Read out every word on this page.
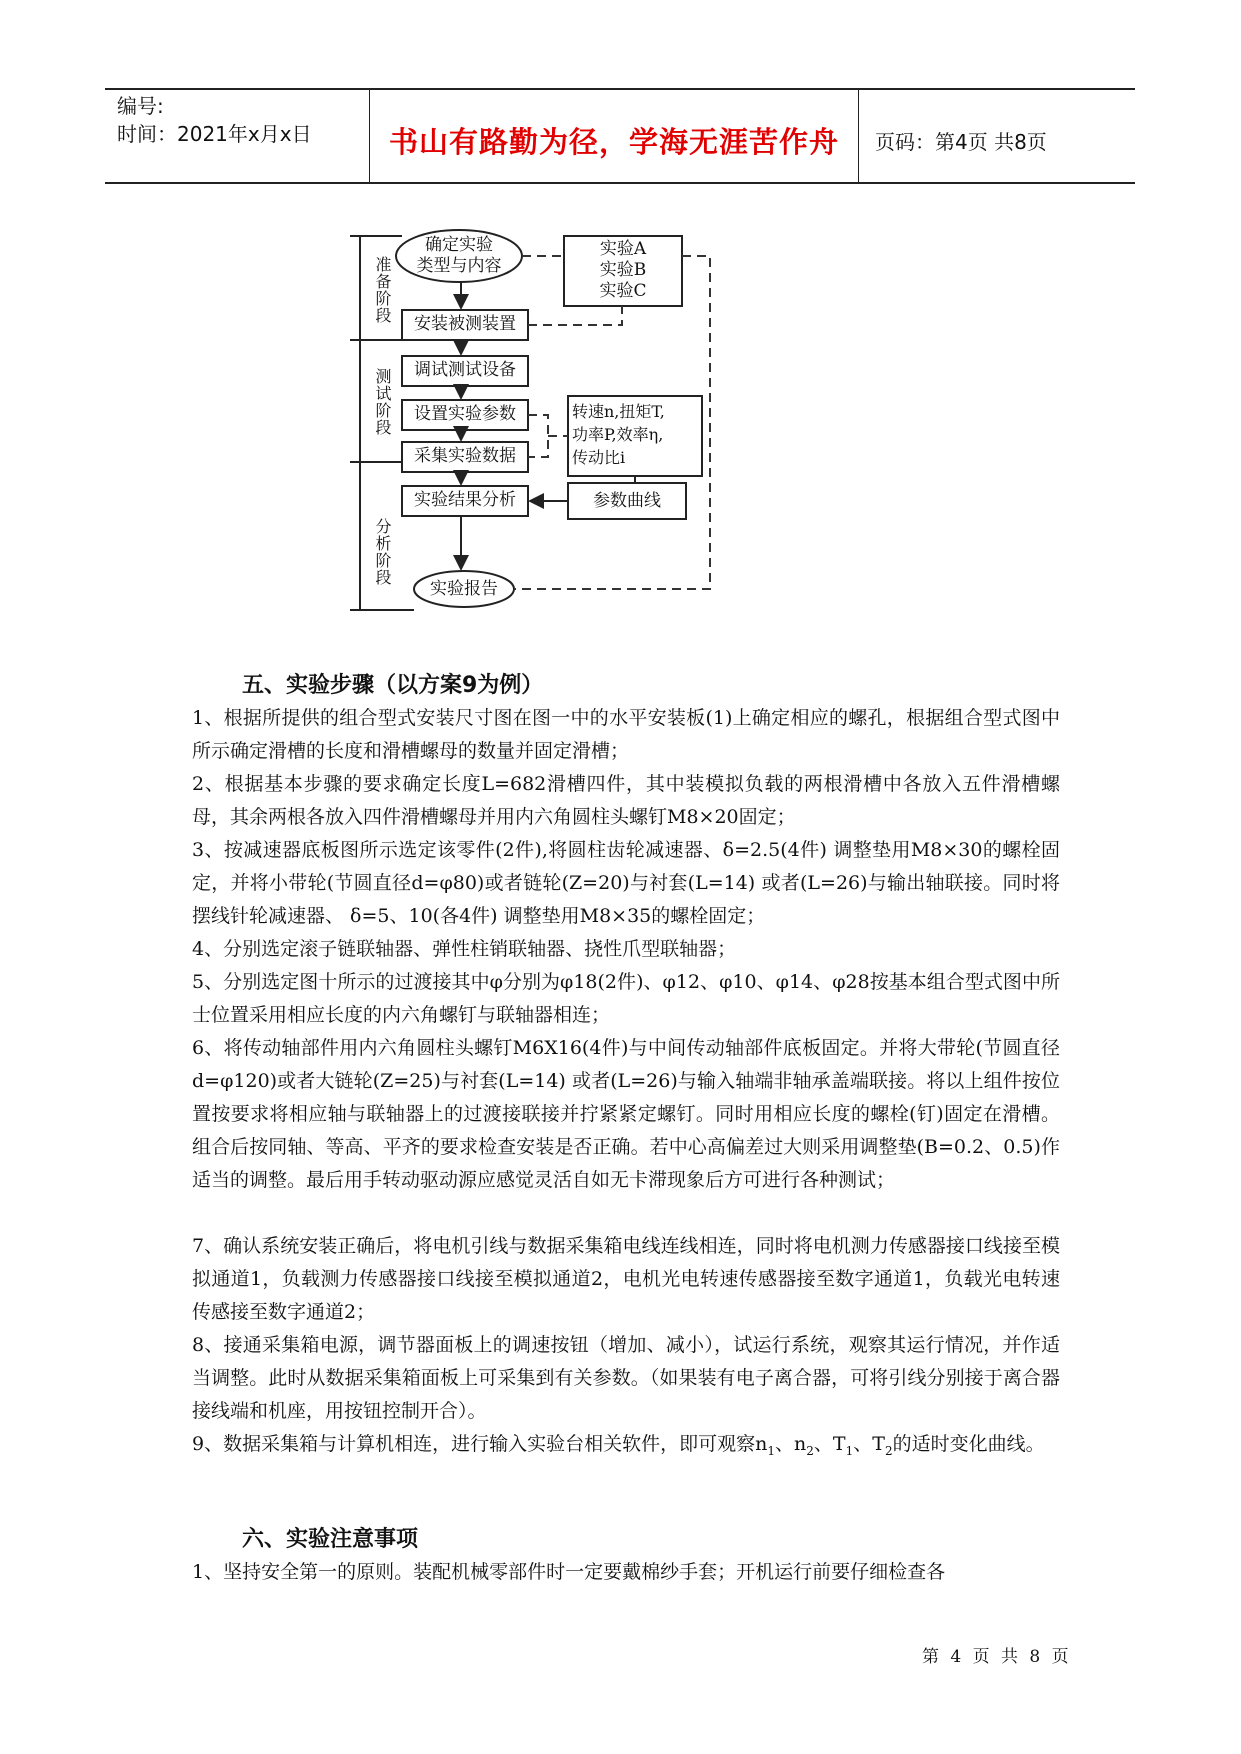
编号:
时间：2021年x月x日	书山有路勤为径，学海无涯苦作舟	页码：第4页 共8页
确定实验
类型与内容
实验A
实验B
实验C
安装被测装置
调试测试设备
设置实验参数
采集实验数据
转速n,扭矩T,
功率P,效率η,
传动比i
实验结果分析	参数曲线
实验报告
准备阶段
测试阶段
分析阶段
五、实验步骤（以方案9为例）
1、根据所提供的组合型式安装尺寸图在图一中的水平安装板(1)上确定相应的螺孔，根据组合型式图中所示确定滑槽的长度和滑槽螺母的数量并固定滑槽；
2、根据基本步骤的要求确定长度L=682滑槽四件，其中装模拟负载的两根滑槽中各放入五件滑槽螺母，其余两根各放入四件滑槽螺母并用内六角圆柱头螺钉M8×20固定；
3、按减速器底板图所示选定该零件(2件),将圆柱齿轮减速器、δ=2.5(4件) 调整垫用M8×30的螺栓固定，并将小带轮(节圆直径d=φ80)或者链轮(Z=20)与衬套(L=14) 或者(L=26)与输出轴联接。同时将摆线针轮减速器、 δ=5、10(各4件) 调整垫用M8×35的螺栓固定；
4、分别选定滚子链联轴器、弹性柱销联轴器、挠性爪型联轴器；
5、分别选定图十所示的过渡接其中φ分别为φ18(2件)、φ12、φ10、φ14、φ28按基本组合型式图中所士位置采用相应长度的内六角螺钉与联轴器相连；
6、将传动轴部件用内六角圆柱头螺钉M6X16(4件)与中间传动轴部件底板固定。并将大带轮(节圆直径d=φ120)或者大链轮(Z=25)与衬套(L=14) 或者(L=26)与输入轴端非轴承盖端联接。将以上组件按位置按要求将相应轴与联轴器上的过渡接联接并拧紧紧定螺钉。同时用相应长度的螺栓(钉)固定在滑槽。组合后按同轴、等高、平齐的要求检查安装是否正确。若中心高偏差过大则采用调整垫(B=0.2、0.5)作适当的调整。最后用手转动驱动源应感觉灵活自如无卡滞现象后方可进行各种测试；
7、确认系统安装正确后，将电机引线与数据采集箱电线连线相连，同时将电机测力传感器接口线接至模拟通道1，负载测力传感器接口线接至模拟通道2，电机光电转速传感器接至数字通道1，负载光电转速传感接至数字通道2；
8、接通采集箱电源，调节器面板上的调速按钮（增加、减小），试运行系统，观察其运行情况，并作适当调整。此时从数据采集箱面板上可采集到有关参数。（如果装有电子离合器，可将引线分别接于离合器接线端和机座，用按钮控制开合）。
9、数据采集箱与计算机相连，进行输入实验台相关软件，即可观察$n_1$、$n_2$、$T_1$、$T_2$的适时变化曲线。
六、实验注意事项
1、坚持安全第一的原则。装配机械零部件时一定要戴棉纱手套；开机运行前要仔细检查各
第 4 页 共 8 页
